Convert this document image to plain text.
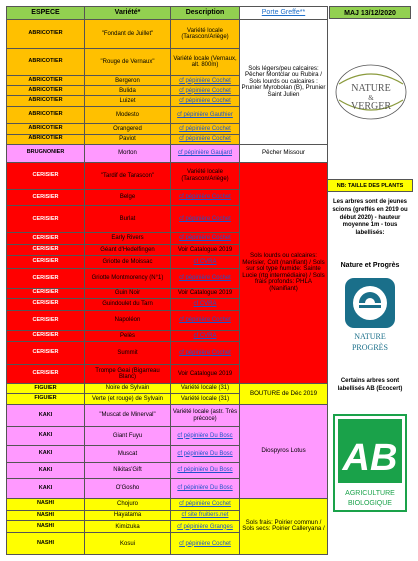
ESPECE	Variété*	Description	Porte Greffe**
ABRICOTIER	"Fondant de Juillet"	Variété locale (Tarascon/Ariège)	Sols légers/peu calcaires: Pêcher Montclar ou Rubira / Sols lourds ou calcaires : Prunier Myrobolan (B), Prunier Saint Julien
ABRICOTIER	"Rouge de Vernaux"	Variété locale (Vernaux, alt. 800m)	
ABRICOTIER	Bergeron	cf pépinière Cochet	
ABRICOTIER	Bulida	cf pépinière Cochet	
ABRICOTIER	Luizet	cf pépinière Cochet	
ABRICOTIER	Modesto	cf pépinière Gauthier	
ABRICOTIER	Orangered	cf pépinière Cochet	
ABRICOTIER	Paviot	cf pépinière Cochet	
BRUGNONIER	Morton	cf pépinière Gaujard	Pêcher Missour
CERISIER	"Tardif de Tarascon"	Variété locale (Tarascon/Ariège)	Sols lourds ou calcaires: Merisier, Colt (nanifiant) / Sols sur sol type humide: Sainte Lucie (rtg intermédiaire) / Sols frais profonds: PHLA (Nanifiant)
CERISIER	Belge	cf pépinière Cochet	
CERISIER	Burlat	cf pépinière Cochet	
CERISIER	Early Rivers	cf pépinière Cochet	
CERISIER	Géant d'Hedelfingen	Voir Catalogue 2019	
CERISIER	Griotte de Moissac	cf CVRA	
CERISIER	Griotte Montmorency (N°1)	cf pépinière Cochet	
CERISIER	Guin Noir	Voir Catalogue 2019	
CERISIER	Guindoulet du Tarn	cf CVRA	
CERISIER	Napoléon	cf pépinière Cochet	
CERISIER	Pelès	cf CVRA	
CERISIER	Summit	cf pépinière Cochet	
CERISIER	Trompe Geai (Bigarreau Blanc)	Voir Catalogue 2019	
FIGUIER	Noire de Sylvain	Variété locale (31)	BOUTURE de Déc 2019
FIGUIER	Verte (et rouge) de Sylvain	Variété locale (31)	
KAKI	"Muscat de Minerval"	Variété locale (astr. Très précoce)	Diospyros Lotus
KAKI	Giant Fuyu	cf pépinière Du Bosc	
KAKI	Muscat	cf pépinière Du Bosc	
KAKI	Nikitas'Gift	cf pépinière Du Bosc	
KAKI	O'Gosho	cf pépinière Du Bosc	
NASHI	Chojuro	cf pépinière Cochet	Sols frais: Poirier commun / Sols secs: Poirier Calleryana /
NASHI	Hayatama	cf site fruitiers.net	
NASHI	Kimizuka	cf pépinière Granges	
NASHI	Kosui	cf pépinière Cochet	
MAJ 13/12/2020
NATURE
&
VERGER
NB: TAILLE DES PLANTS
Les arbres sont de jeunes scions (greffés en 2019 ou début 2020) - hauteur moyenne 1m - tous labellisés:
Nature et Progrès
NATURE
PROGRÈS
Certains arbres sont labellisés AB (Ecocert)
AB
AGRICULTURE
BIOLOGIQUE
